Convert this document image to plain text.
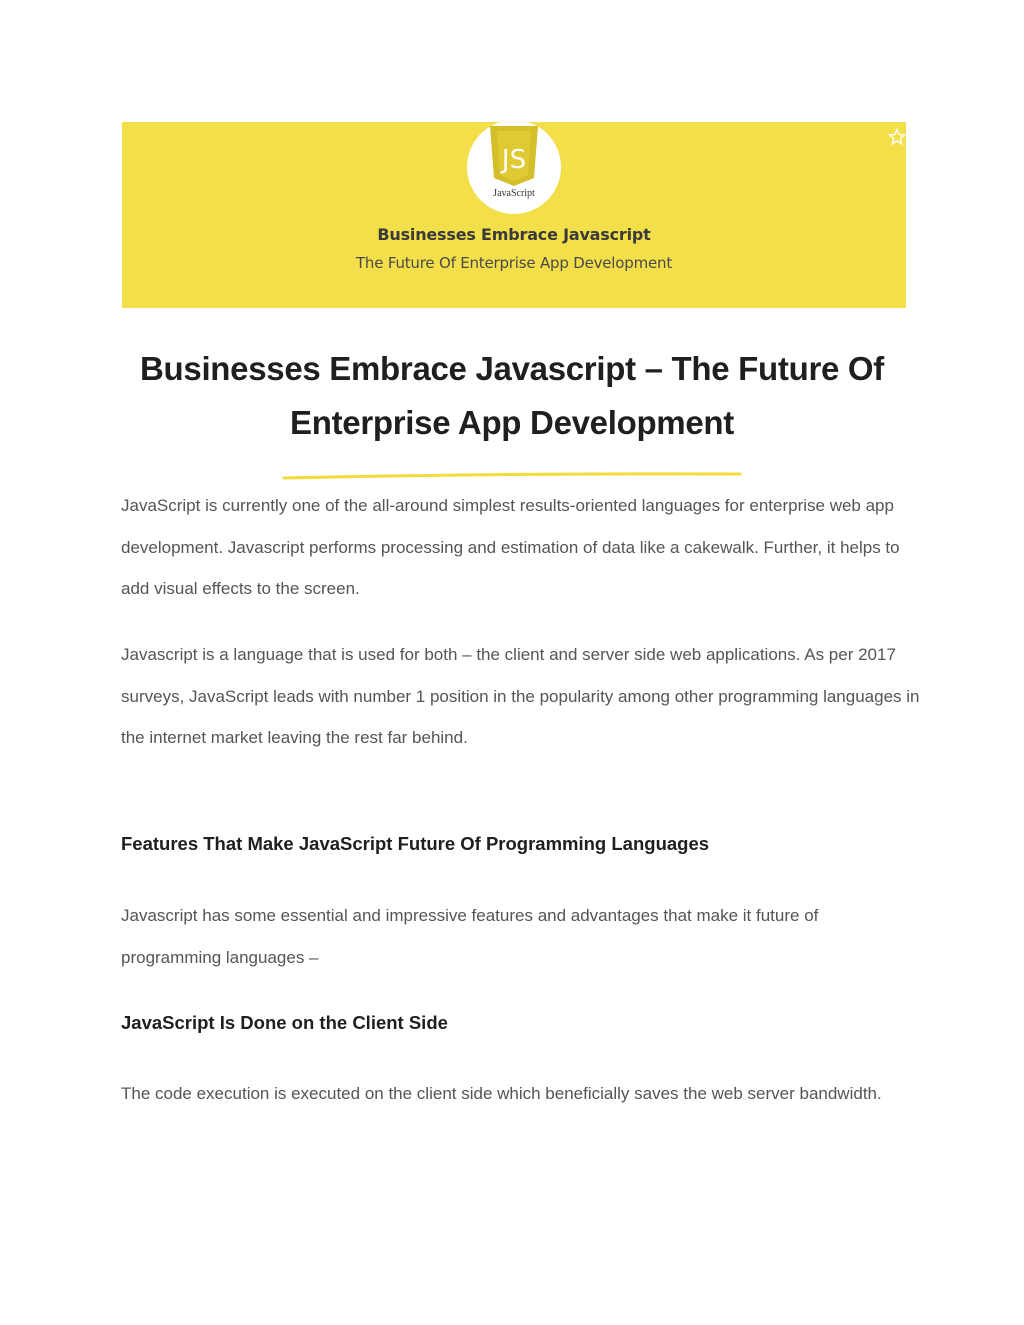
JS
JavaScript
Businesses Embrace Javascript
The Future Of Enterprise App Development
Businesses Embrace Javascript – The Future Of
Enterprise App Development

JavaScript is currently one of the all-around simplest results-oriented languages for enterprise web app development. Javascript performs processing and estimation of data like a cakewalk. Further, it helps to add visual effects to the screen.

Javascript is a language that is used for both – the client and server side web applications. As per 2017 surveys, JavaScript leads with number 1 position in the popularity among other programming languages in the internet market leaving the rest far behind.

Features That Make JavaScript Future Of Programming Languages

Javascript has some essential and impressive features and advantages that make it future of programming languages –

JavaScript Is Done on the Client Side

The code execution is executed on the client side which beneficially saves the web server bandwidth.
